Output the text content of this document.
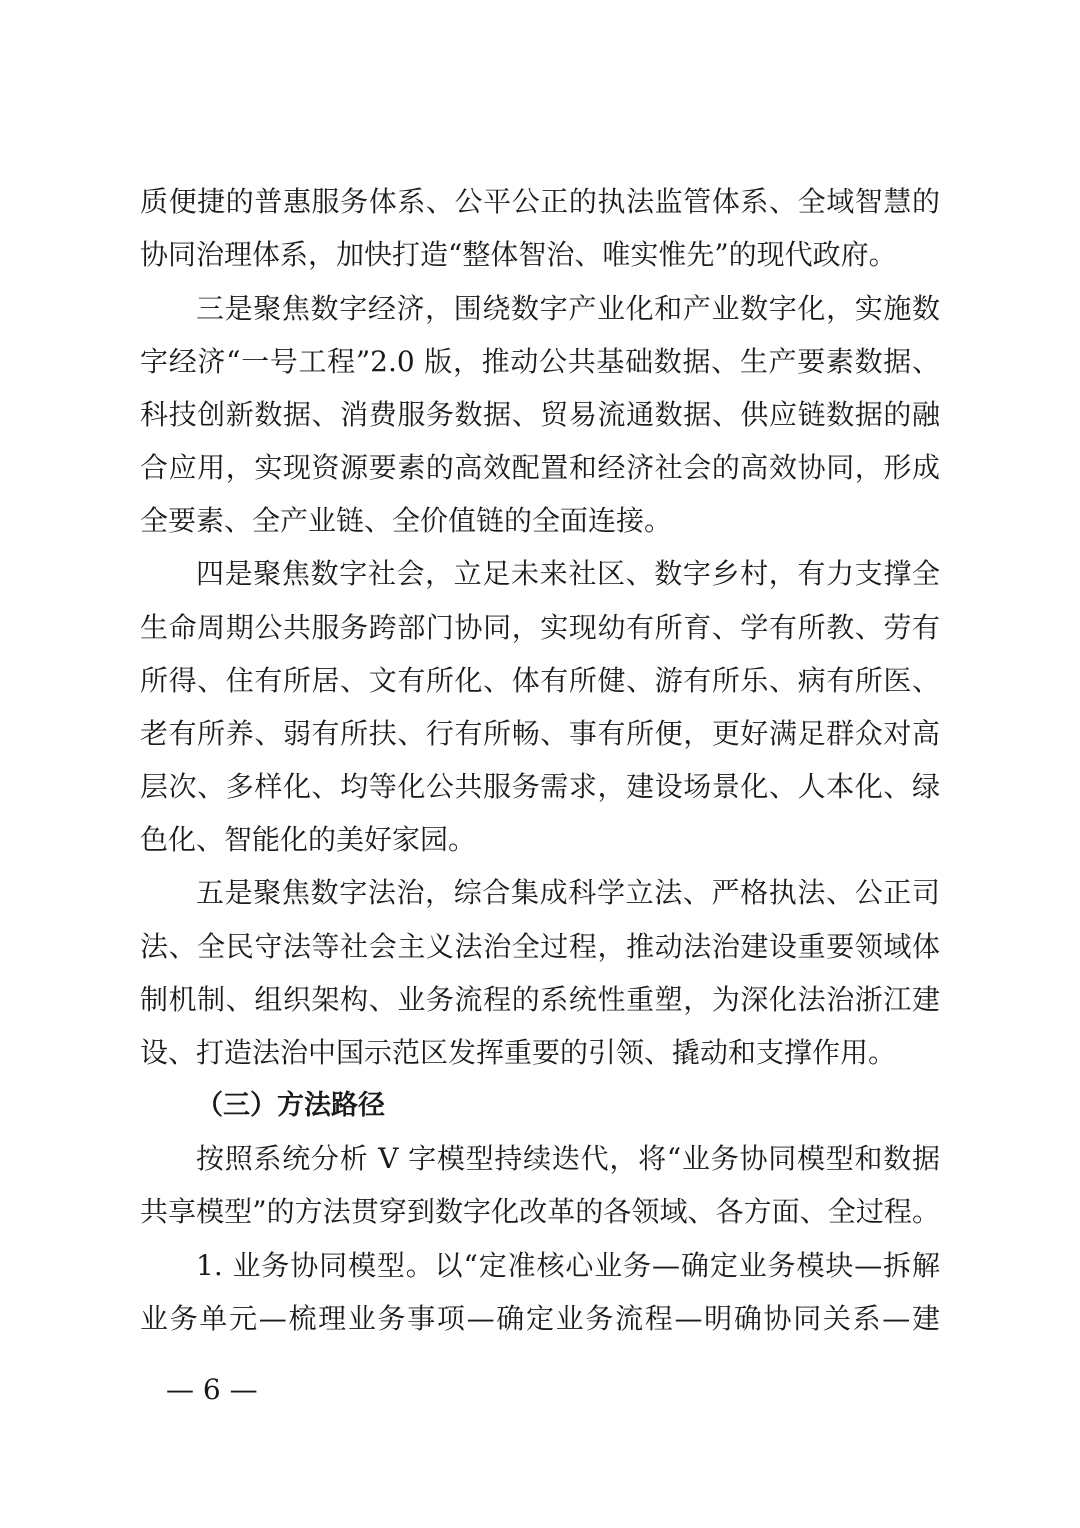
质便捷的普惠服务体系、公平公正的执法监管体系、全域智慧的
协同治理体系，加快打造“整体智治、唯实惟先”的现代政府。
三是聚焦数字经济，围绕数字产业化和产业数字化，实施数
字经济“一号工程”2.0 版，推动公共基础数据、生产要素数据、
科技创新数据、消费服务数据、贸易流通数据、供应链数据的融
合应用，实现资源要素的高效配置和经济社会的高效协同，形成
全要素、全产业链、全价值链的全面连接。
四是聚焦数字社会，立足未来社区、数字乡村，有力支撑全
生命周期公共服务跨部门协同，实现幼有所育、学有所教、劳有
所得、住有所居、文有所化、体有所健、游有所乐、病有所医、
老有所养、弱有所扶、行有所畅、事有所便，更好满足群众对高
层次、多样化、均等化公共服务需求，建设场景化、人本化、绿
色化、智能化的美好家园。
五是聚焦数字法治，综合集成科学立法、严格执法、公正司
法、全民守法等社会主义法治全过程，推动法治建设重要领域体
制机制、组织架构、业务流程的系统性重塑，为深化法治浙江建
设、打造法治中国示范区发挥重要的引领、撬动和支撑作用。
（三）方法路径
按照系统分析 V 字模型持续迭代，将“业务协同模型和数据
共享模型”的方法贯穿到数字化改革的各领域、各方面、全过程。
1. 业务协同模型。以“定准核心业务—确定业务模块—拆解
业务单元—梳理业务事项—确定业务流程—明确协同关系—建
— 6 —
